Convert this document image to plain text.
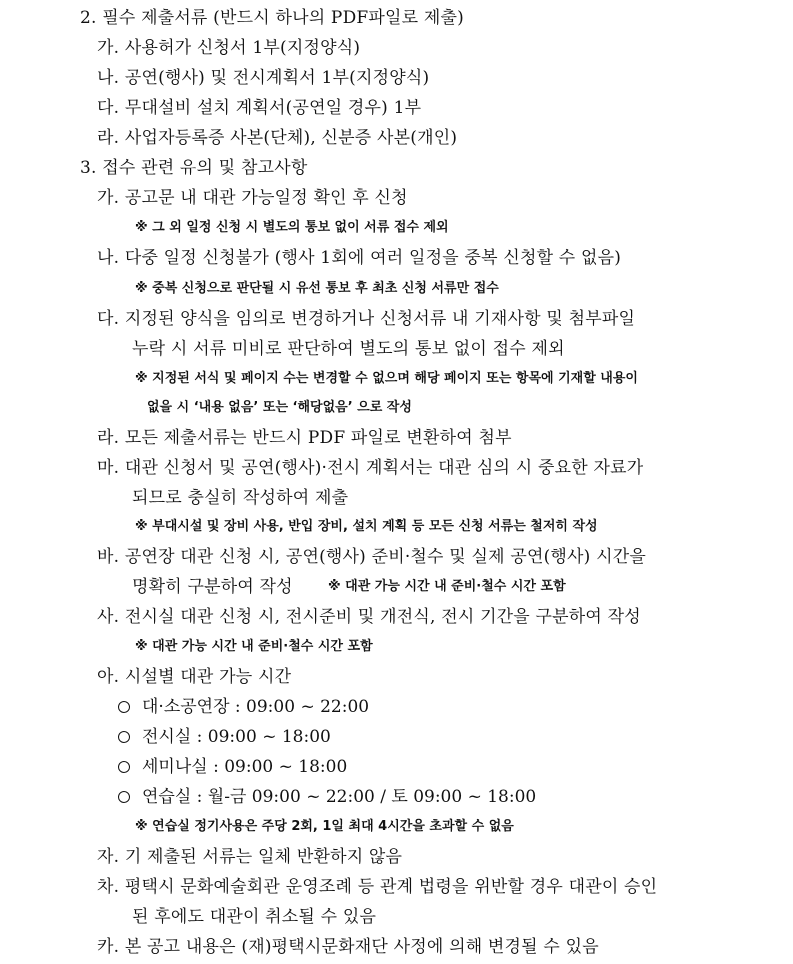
2. 필수 제출서류 (반드시 하나의 PDF파일로 제출)
가. 사용허가 신청서 1부(지정양식)
나. 공연(행사) 및 전시계획서 1부(지정양식)
다. 무대설비 설치 계획서(공연일 경우) 1부
라. 사업자등록증 사본(단체), 신분증 사본(개인)
3. 접수 관련 유의 및 참고사항
가. 공고문 내 대관 가능일정 확인 후 신청
※ 그 외 일정 신청 시 별도의 통보 없이 서류 접수 제외
나. 다중 일정 신청불가 (행사 1회에 여러 일정을 중복 신청할 수 없음)
※ 중복 신청으로 판단될 시 유선 통보 후 최초 신청 서류만 접수
다. 지정된 양식을 임의로 변경하거나 신청서류 내 기재사항 및 첨부파일
누락 시 서류 미비로 판단하여 별도의 통보 없이 접수 제외
※ 지정된 서식 및 페이지 수는 변경할 수 없으며 해당 페이지 또는 항목에 기재할 내용이
없을 시 ‘내용 없음’ 또는 ‘해당없음’ 으로 작성
라. 모든 제출서류는 반드시 PDF 파일로 변환하여 첨부
마. 대관 신청서 및 공연(행사)·전시 계획서는 대관 심의 시 중요한 자료가
되므로 충실히 작성하여 제출
※ 부대시설 및 장비 사용, 반입 장비, 설치 계획 등 모든 신청 서류는 철저히 작성
바. 공연장 대관 신청 시, 공연(행사) 준비·철수 및 실제 공연(행사) 시간을
명확히 구분하여 작성	※ 대관 가능 시간 내 준비·철수 시간 포함
사. 전시실 대관 신청 시, 전시준비 및 개전식, 전시 기간을 구분하여 작성
※ 대관 가능 시간 내 준비·철수 시간 포함
아. 시설별 대관 가능 시간
대·소공연장 : 09:00 ~ 22:00
전시실 : 09:00 ~ 18:00
세미나실 : 09:00 ~ 18:00
연습실 : 월-금 09:00 ~ 22:00 / 토 09:00 ~ 18:00
※ 연습실 정기사용은 주당 2회, 1일 최대 4시간을 초과할 수 없음
자. 기 제출된 서류는 일체 반환하지 않음
차. 평택시 문화예술회관 운영조례 등 관계 법령을 위반할 경우 대관이 승인
된 후에도 대관이 취소될 수 있음
카. 본 공고 내용은 (재)평택시문화재단 사정에 의해 변경될 수 있음
